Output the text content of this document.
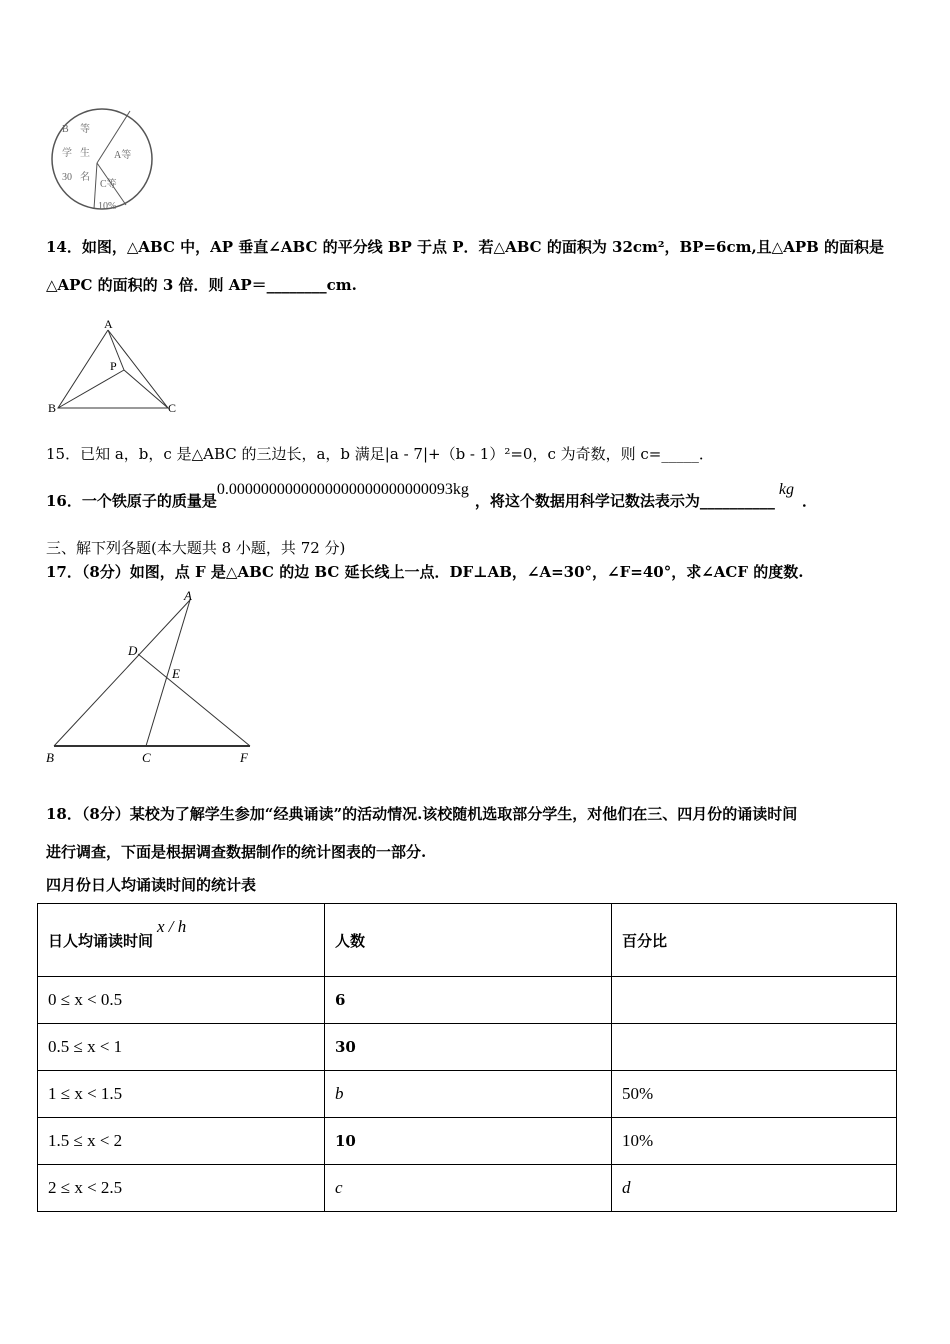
B 等
学 生
30 名
A等
C等
10%
14．如图，△ABC 中，AP 垂直∠ABC 的平分线 BP 于点 P．若△ABC 的面积为 32cm²，BP=6cm,且△APB 的面积是
△APC 的面积的 3 倍．则 AP＝________cm.
A
P
B	C
15．已知 a，b，c 是△ABC 的三边长，a，b 满足|a - 7|+（b - 1）²=0，c 为奇数，则 c=_____．
16．一个铁原子的质量是0.0000000000000000000000000093kg，将这个数据用科学记数法表示为__________kg．
三、解下列各题(本大题共 8 小题，共 72 分)
17．（8分）如图，点 F 是△ABC 的边 BC 延长线上一点．DF⊥AB，∠A=30°，∠F=40°，求∠ACF 的度数.
A
D
E
B	C	F
18．（8分）某校为了解学生参加“经典诵读”的活动情况.该校随机选取部分学生，对他们在三、四月份的诵读时间
进行调查，下面是根据调查数据制作的统计图表的一部分.
四月份日人均诵读时间的统计表
日人均诵读时间x / h	人数	百分比
0 ≤ x < 0.5	6	
0.5 ≤ x < 1	30	
1 ≤ x < 1.5	b	50%
1.5 ≤ x < 2	10	10%
2 ≤ x < 2.5	c	d
